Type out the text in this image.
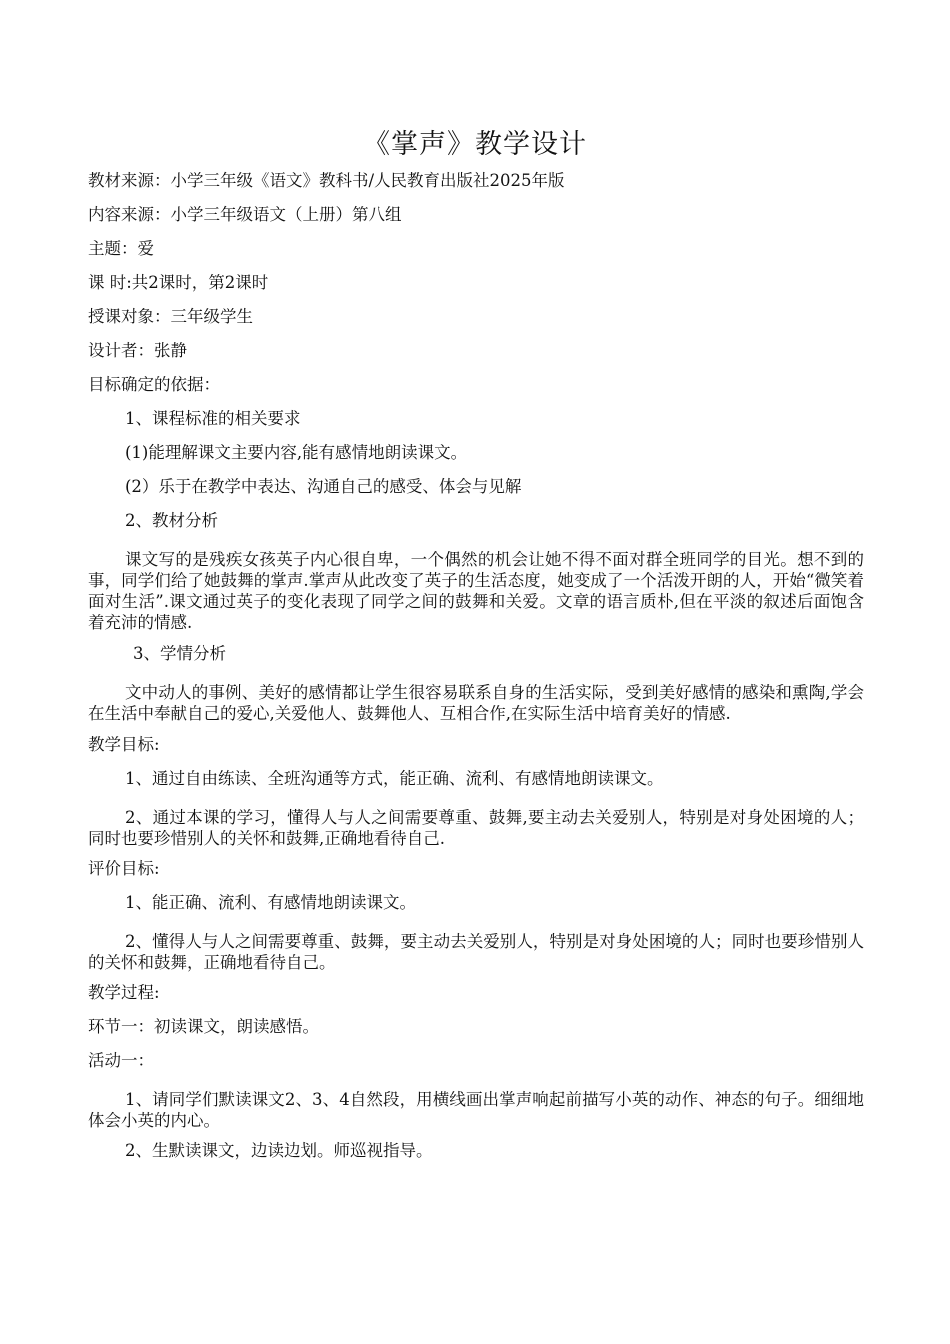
《掌声》教学设计
教材来源：小学三年级《语文》教科书/人民教育出版社2025年版
内容来源：小学三年级语文（上册）第八组
主题：爱
课 时:共2课时，第2课时
授课对象：三年级学生
设计者：张静
目标确定的依据：
1、课程标准的相关要求
(1)能理解课文主要内容,能有感情地朗读课文。
(2）乐于在教学中表达、沟通自己的感受、体会与见解
2、教材分析
课文写的是残疾女孩英子内心很自卑，一个偶然的机会让她不得不面对群全班同学的目光。想不到的事，同学们给了她鼓舞的掌声.掌声从此改变了英子的生活态度，她变成了一个活泼开朗的人，开始“微笑着面对生活”.课文通过英子的变化表现了同学之间的鼓舞和关爱。文章的语言质朴,但在平淡的叙述后面饱含着充沛的情感.
3、学情分析
文中动人的事例、美好的感情都让学生很容易联系自身的生活实际，受到美好感情的感染和熏陶,学会在生活中奉献自己的爱心,关爱他人、鼓舞他人、互相合作,在实际生活中培育美好的情感.
教学目标:
1、通过自由练读、全班沟通等方式，能正确、流利、有感情地朗读课文。
2、通过本课的学习，懂得人与人之间需要尊重、鼓舞,要主动去关爱别人，特别是对身处困境的人；同时也要珍惜别人的关怀和鼓舞,正确地看待自己.
评价目标:
1、能正确、流利、有感情地朗读课文。
2、懂得人与人之间需要尊重、鼓舞，要主动去关爱别人，特别是对身处困境的人；同时也要珍惜别人的关怀和鼓舞，正确地看待自己。
教学过程:
环节一：初读课文，朗读感悟。
活动一：
1、请同学们默读课文2、3、4自然段，用横线画出掌声响起前描写小英的动作、神态的句子。细细地体会小英的内心。
2、生默读课文，边读边划。师巡视指导。
